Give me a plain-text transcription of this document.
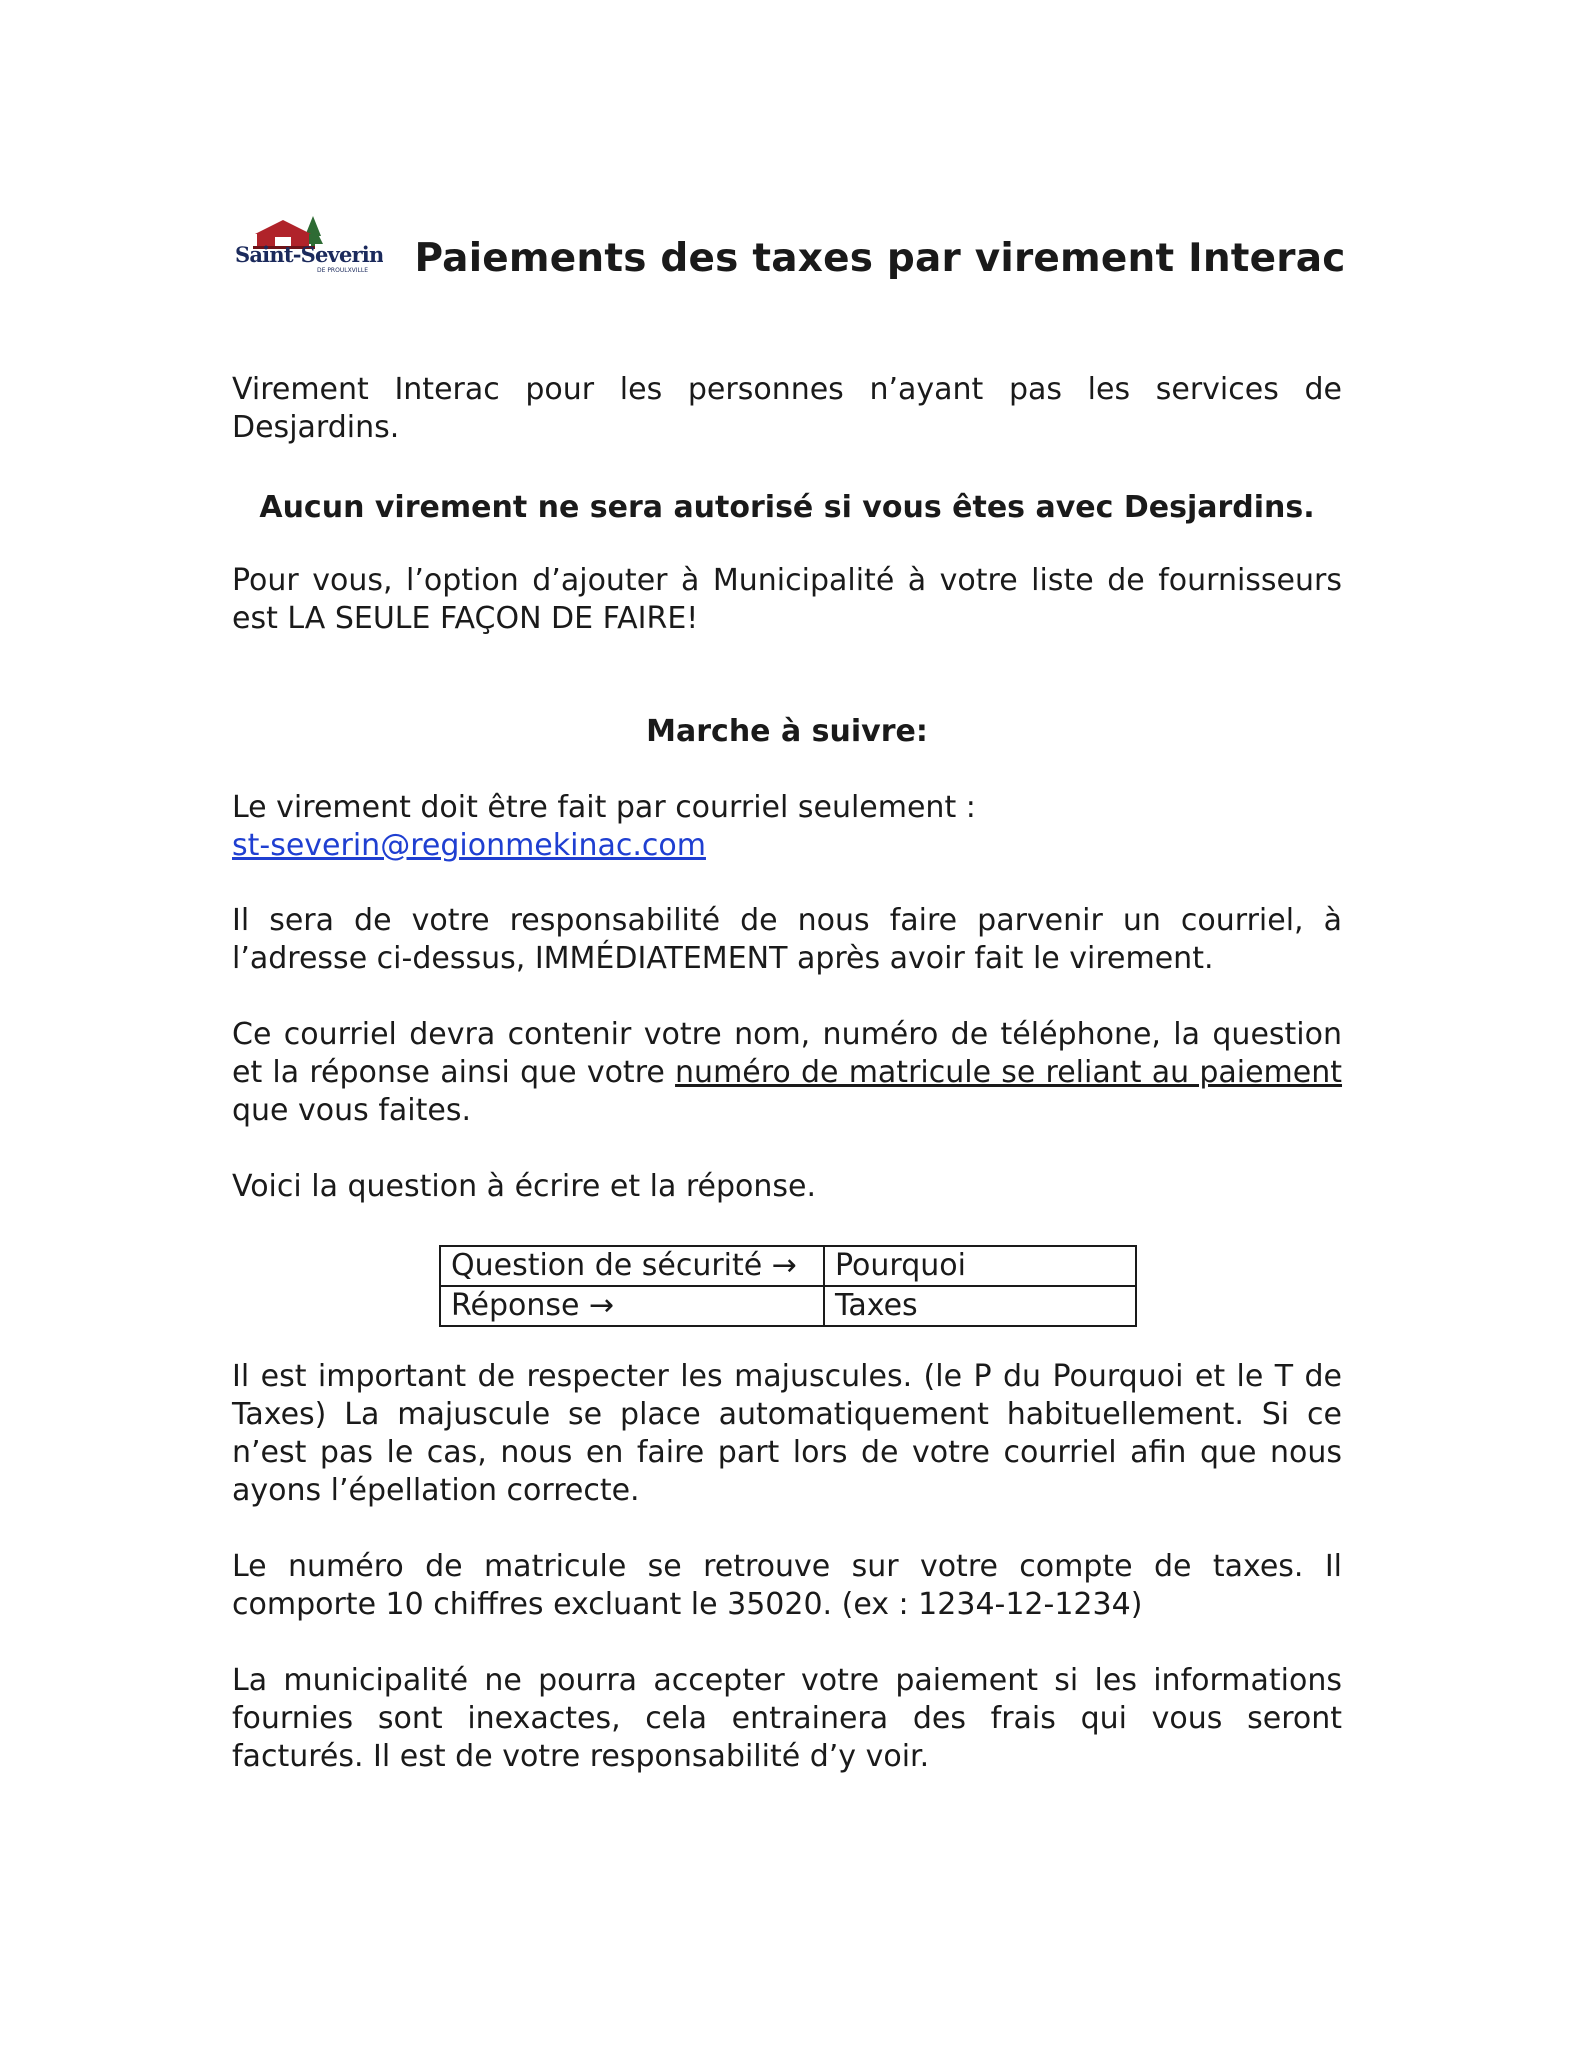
Saint-Severin
DE PROULXVILLE	Paiements des taxes par virement Interac

Virement Interac pour les personnes n’ayant pas les services de Desjardins.

Aucun virement ne sera autorisé si vous êtes avec Desjardins.

Pour vous, l’option d’ajouter à Municipalité à votre liste de fournisseurs est LA SEULE FAÇON DE FAIRE!

Marche à suivre:

Le virement doit être fait par courriel seulement :
st-severin@regionmekinac.com

Il sera de votre responsabilité de nous faire parvenir un courriel, à l’adresse ci-dessus, IMMÉDIATEMENT après avoir fait le virement.

Ce courriel devra contenir votre nom, numéro de téléphone, la question et la réponse ainsi que votre numéro de matricule se reliant au paiement que vous faites.

Voici la question à écrire et la réponse.

Question de sécurité →	Pourquoi
Réponse →	Taxes

Il est important de respecter les majuscules. (le P du Pourquoi et le T de Taxes) La majuscule se place automatiquement habituellement. Si ce n’est pas le cas, nous en faire part lors de votre courriel afin que nous ayons l’épellation correcte.

Le numéro de matricule se retrouve sur votre compte de taxes. Il comporte 10 chiffres excluant le 35020. (ex : 1234-12-1234)

La municipalité ne pourra accepter votre paiement si les informations fournies sont inexactes, cela entrainera des frais qui vous seront facturés. Il est de votre responsabilité d’y voir.
